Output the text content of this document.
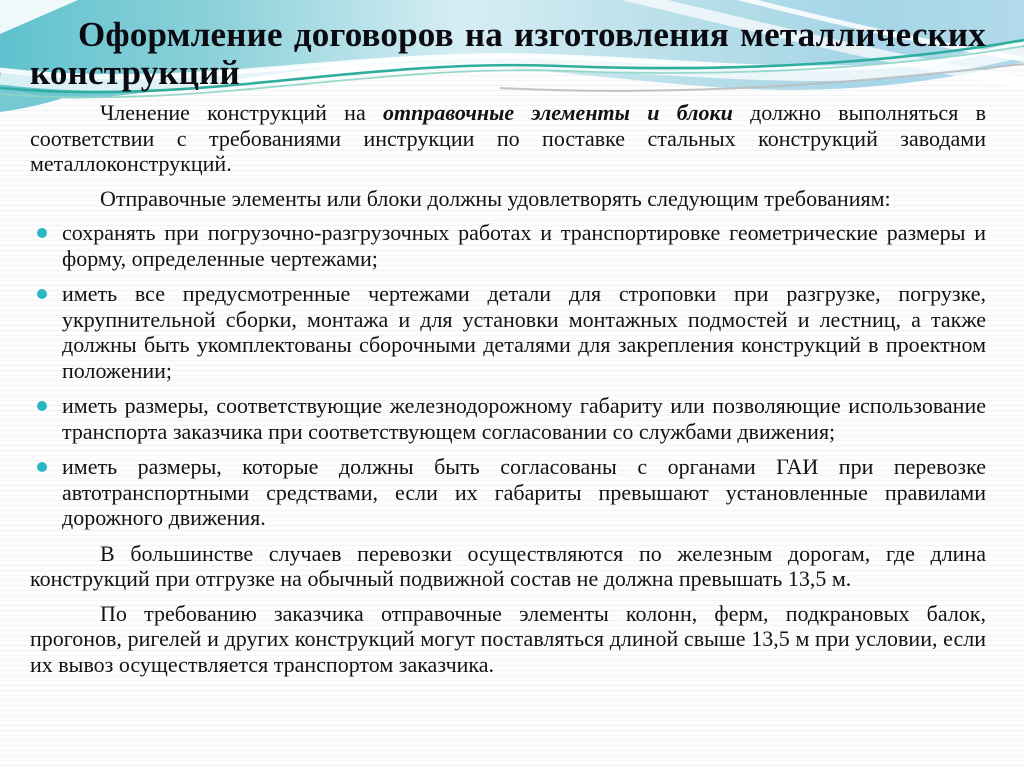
Оформление договоров на изготовления металлических конструкций

Членение конструкций на отправочные элементы и блоки должно выполняться в соответствии с требованиями инструкции по поставке стальных конструкций заводами металлоконструкций.

Отправочные элементы или блоки должны удовлетворять следующим требованиям:

сохранять при погрузочно-разгрузочных работах и транспортировке геометрические размеры и форму, определенные чертежами;
иметь все предусмотренные чертежами детали для строповки при разгрузке, погрузке, укрупнительной сборки, монтажа и для установки монтажных подмостей и лестниц, а также должны быть укомплектованы сборочными деталями для закрепления конструкций в проектном положении;
иметь размеры, соответствующие железнодорожному габариту или позволяющие использование транспорта заказчика при соответствующем согласовании со службами движения;
иметь размеры, которые должны быть согласованы с органами ГАИ при перевозке автотранспортными средствами, если их габариты превышают установленные правилами дорожного движения.

В большинстве случаев перевозки осуществляются по железным дорогам, где длина конструкций при отгрузке на обычный подвижной состав не должна превышать 13,5 м.

По требованию заказчика отправочные элементы колонн, ферм, подкрановых балок, прогонов, ригелей и других конструкций могут поставляться длиной свыше 13,5 м при условии, если их вывоз осуществляется транспортом заказчика.
